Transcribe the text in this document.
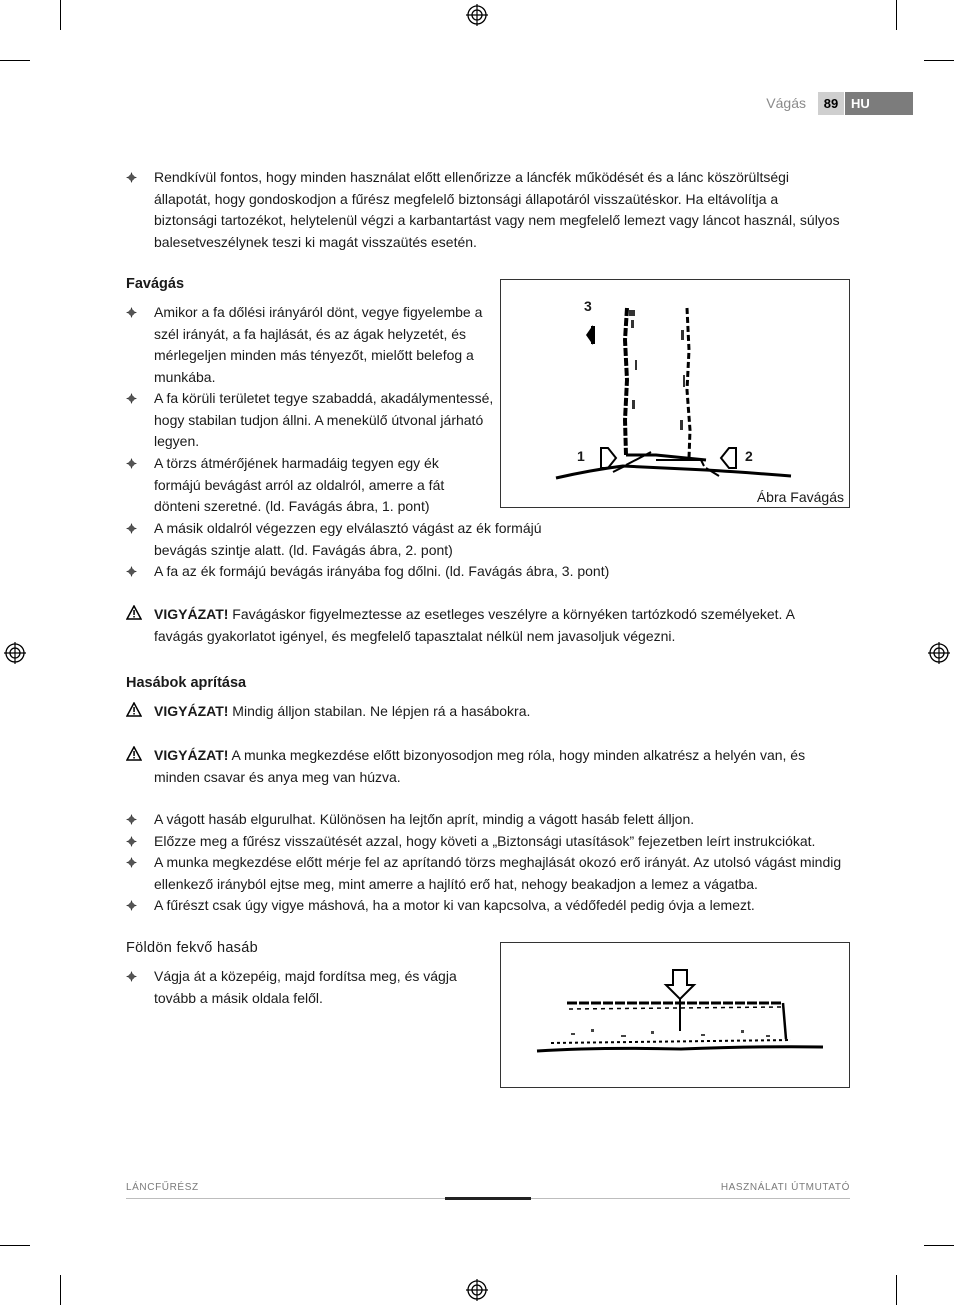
Vágás	89 HU
Rendkívül fontos, hogy minden használat előtt ellenőrizze a láncfék működését és a lánc köszörültségi állapotát, hogy gondoskodjon a fűrész megfelelő biztonsági állapotáról visszaütéskor. Ha eltávolítja a biztonsági tartozékot, helytelenül végzi a karbantartást vagy nem megfelelő lemezt vagy láncot használ, súlyos balesetveszélynek teszi ki magát visszaütés esetén.
Favágás
Amikor a fa dőlési irányáról dönt, vegye figyelembe a szél irányát, a fa hajlását, és az ágak helyzetét, és mérlegeljen minden más tényezőt, mielőtt belefog a munkába.
A fa körüli területet tegye szabaddá, akadálymentessé, hogy stabilan tudjon állni. A menekülő útvonal járható legyen.
A törzs átmérőjének harmadáig tegyen egy ék formájú bevágást arról az oldalról, amerre a fát dönteni szeretné. (ld. Favágás ábra, 1. pont)
A másik oldalról végezzen egy elválasztó vágást az ék formájú bevágás szintje alatt. (ld. Favágás ábra, 2. pont)
A fa az ék formájú bevágás irányába fog dőlni. (ld. Favágás ábra, 3. pont)
3
1	2
Ábra Favágás
VIGYÁZAT! Favágáskor figyelmeztesse az esetleges veszélyre a környéken tartózkodó személyeket. A favágás gyakorlatot igényel, és megfelelő tapasztalat nélkül nem javasoljuk végezni.
Hasábok aprítása
VIGYÁZAT! Mindig álljon stabilan. Ne lépjen rá a hasábokra.
VIGYÁZAT! A munka megkezdése előtt bizonyosodjon meg róla, hogy minden alkatrész a helyén van, és minden csavar és anya meg van húzva.
A vágott hasáb elgurulhat. Különösen ha lejtőn aprít, mindig a vágott hasáb felett álljon.
Előzze meg a fűrész visszaütését azzal, hogy követi a „Biztonsági utasítások” fejezetben leírt instrukciókat.
A munka megkezdése előtt mérje fel az aprítandó törzs meghajlását okozó erő irányát. Az utolsó vágást mindig ellenkező irányból ejtse meg, mint amerre a hajlító erő hat, nehogy beakadjon a lemez a vágatba.
A fűrészt csak úgy vigye máshová, ha a motor ki van kapcsolva, a védőfedél pedig óvja a lemezt.
Földön fekvő hasáb
Vágja át a közepéig, majd fordítsa meg, és vágja tovább a másik oldala felől.
LÁNCFŰRÉSZ	HASZNÁLATI ÚTMUTATÓ
